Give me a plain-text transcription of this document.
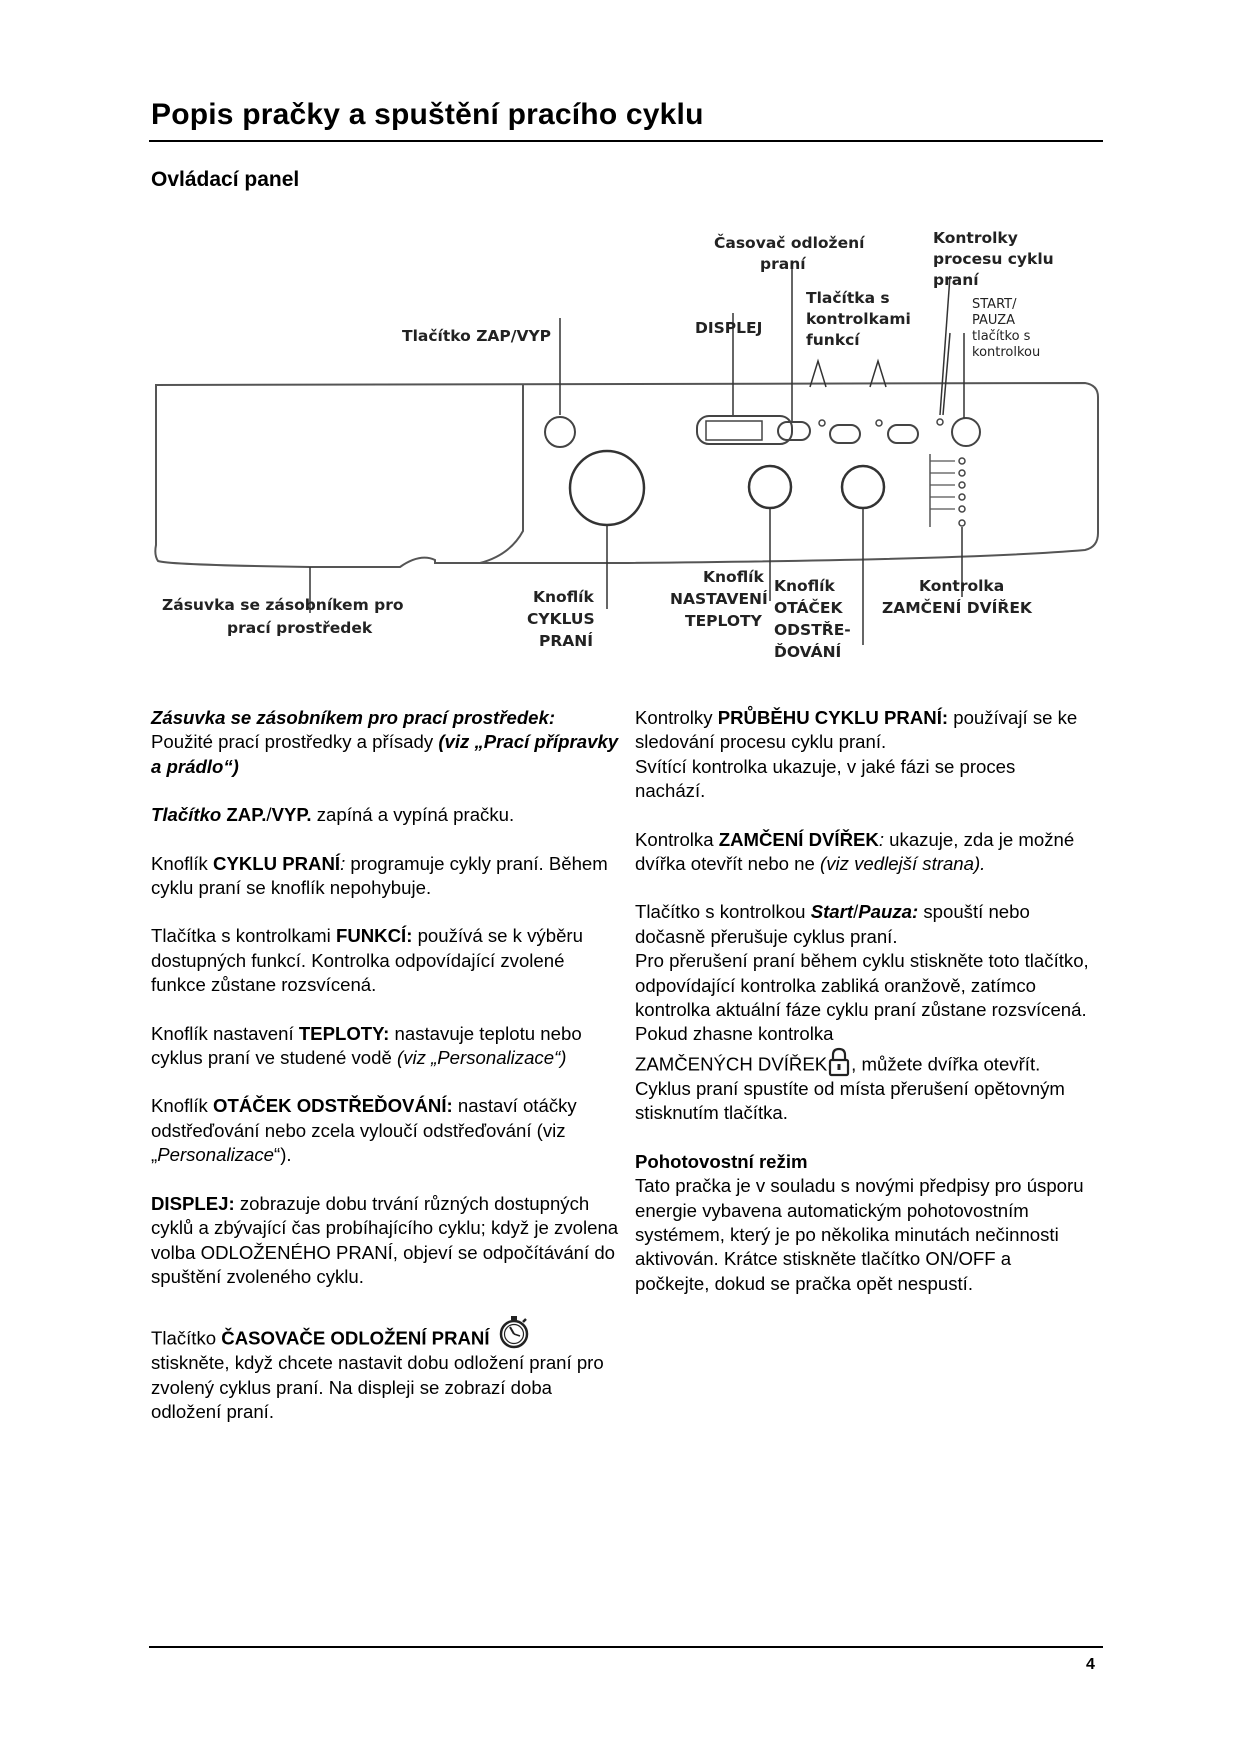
Popis pračky a spuštění pracího cyklu
Ovládací panel
Časovač odložení
praní
Kontrolky
procesu cyklu
praní
Tlačítka s
kontrolkami
funkcí
START/
PAUZA
tlačítko s
kontrolkou
Tlačítko ZAP/VYP	DISPLEJ
Zásuvka se zásobníkem pro
prací prostředek
Knoflík
CYKLUS
PRANÍ
Knoflík
NASTAVENÍ
TEPLOTY
Knoflík
OTÁČEK
ODSTŘE-
ĎOVÁNÍ
Kontrolka
ZAMČENÍ DVÍŘEK

Zásuvka se zásobníkem pro prací prostředek:
Použité prací prostředky a přísady (viz „Prací přípravky a prádlo“)

Tlačítko ZAP./VYP. zapíná a vypíná pračku.

Knoflík CYKLU PRANÍ: programuje cykly praní. Během cyklu praní se knoflík nepohybuje.

Tlačítka s kontrolkami FUNKCÍ: používá se k výběru dostupných funkcí. Kontrolka odpovídající zvolené funkce zůstane rozsvícená.

Knoflík nastavení TEPLOTY: nastavuje teplotu nebo cyklus praní ve studené vodě (viz „Personalizace“)

Knoflík OTÁČEK ODSTŘEĎOVÁNÍ: nastaví otáčky odstřeďování nebo zcela vyloučí odstřeďování (viz „Personalizace“).

DISPLEJ: zobrazuje dobu trvání různých dostupných cyklů a zbývající čas probíhajícího cyklu; když je zvolena volba ODLOŽENÉHO PRANÍ, objeví se odpočítávání do spuštění zvoleného cyklu.

Tlačítko ČASOVAČE ODLOŽENÍ PRANÍ
stiskněte, když chcete nastavit dobu odložení praní pro zvolený cyklus praní. Na displeji se zobrazí doba odložení praní.

Kontrolky PRŮBĚHU CYKLU PRANÍ: používají se ke sledování procesu cyklu praní.
Svítící kontrolka ukazuje, v jaké fázi se proces nachází.

Kontrolka ZAMČENÍ DVÍŘEK: ukazuje, zda je možné dvířka otevřít nebo ne (viz vedlejší strana).

Tlačítko s kontrolkou Start/Pauza: spouští nebo dočasně přerušuje cyklus praní.
Pro přerušení praní během cyklu stiskněte toto tlačítko, odpovídající kontrolka zabliká oranžově, zatímco kontrolka aktuální fáze cyklu praní zůstane rozsvícená. Pokud zhasne kontrolka
ZAMČENÝCH DVÍŘEK , můžete dvířka otevřít. Cyklus praní spustíte od místa přerušení opětovným stisknutím tlačítka.

Pohotovostní režim
Tato pračka je v souladu s novými předpisy pro úsporu energie vybavena automatickým pohotovostním systémem, který je po několika minutách nečinnosti aktivován. Krátce stiskněte tlačítko ON/OFF a počkejte, dokud se pračka opět nespustí.

4
